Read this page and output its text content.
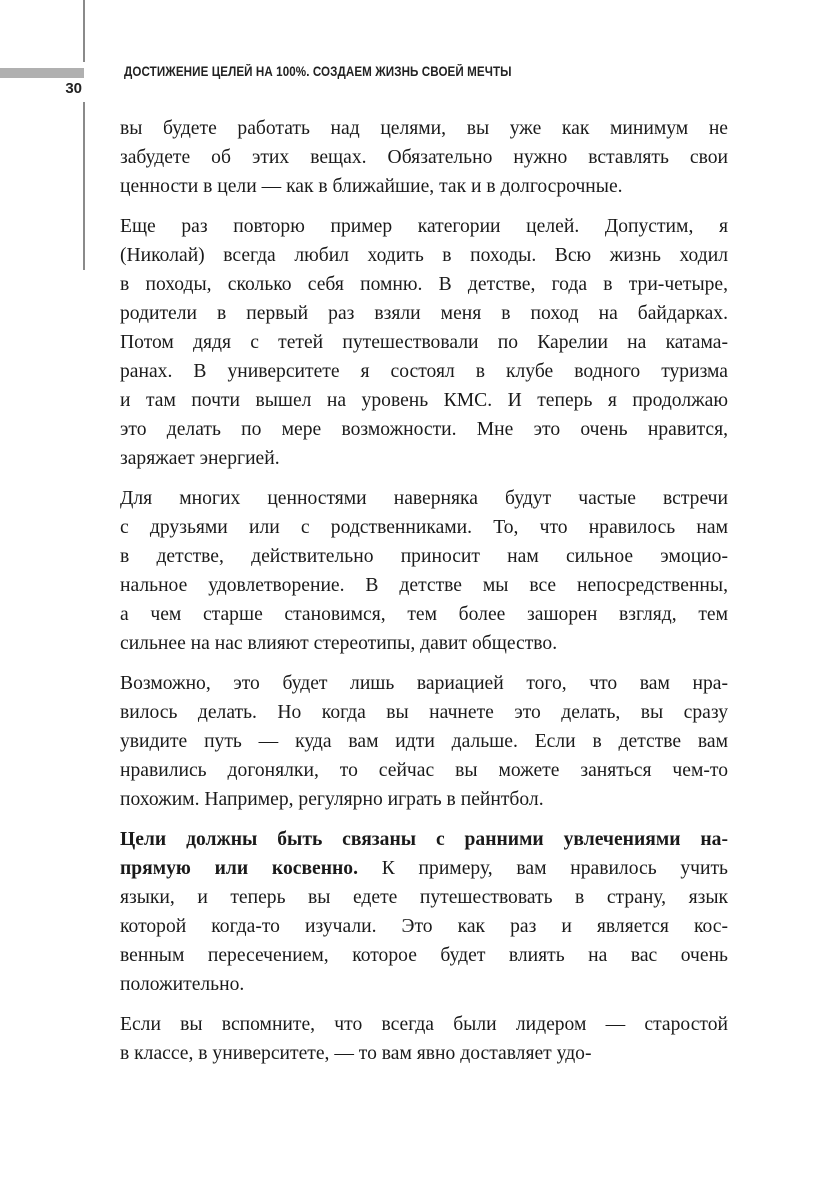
30
ДОСТИЖЕНИЕ ЦЕЛЕЙ НА 100%. СОЗДАЕМ ЖИЗНЬ СВОЕЙ МЕЧТЫ
вы будете работать над целями, вы уже как минимум не
забудете об этих вещах. Обязательно нужно вставлять свои
ценности в цели — как в ближайшие, так и в долгосрочные.
Еще раз повторю пример категории целей. Допустим, я
(Николай) всегда любил ходить в походы. Всю жизнь ходил
в походы, сколько себя помню. В детстве, года в три-четыре,
родители в первый раз взяли меня в поход на байдарках.
Потом дядя с тетей путешествовали по Карелии на катама-
ранах. В университете я состоял в клубе водного туризма
и там почти вышел на уровень КМС. И теперь я продолжаю
это делать по мере возможности. Мне это очень нравится,
заряжает энергией.
Для многих ценностями наверняка будут частые встречи
с друзьями или с родственниками. То, что нравилось нам
в детстве, действительно приносит нам сильное эмоцио-
нальное удовлетворение. В детстве мы все непосредственны,
а чем старше становимся, тем более зашорен взгляд, тем
сильнее на нас влияют стереотипы, давит общество.
Возможно, это будет лишь вариацией того, что вам нра-
вилось делать. Но когда вы начнете это делать, вы сразу
увидите путь — куда вам идти дальше. Если в детстве вам
нравились догонялки, то сейчас вы можете заняться чем-то
похожим. Например, регулярно играть в пейнтбол.
Цели должны быть связаны с ранними увлечениями на-
прямую или косвенно. К примеру, вам нравилось учить
языки, и теперь вы едете путешествовать в страну, язык
которой когда-то изучали. Это как раз и является кос-
венным пересечением, которое будет влиять на вас очень
положительно.
Если вы вспомните, что всегда были лидером — старостой
в классе, в университете, — то вам явно доставляет удо-
